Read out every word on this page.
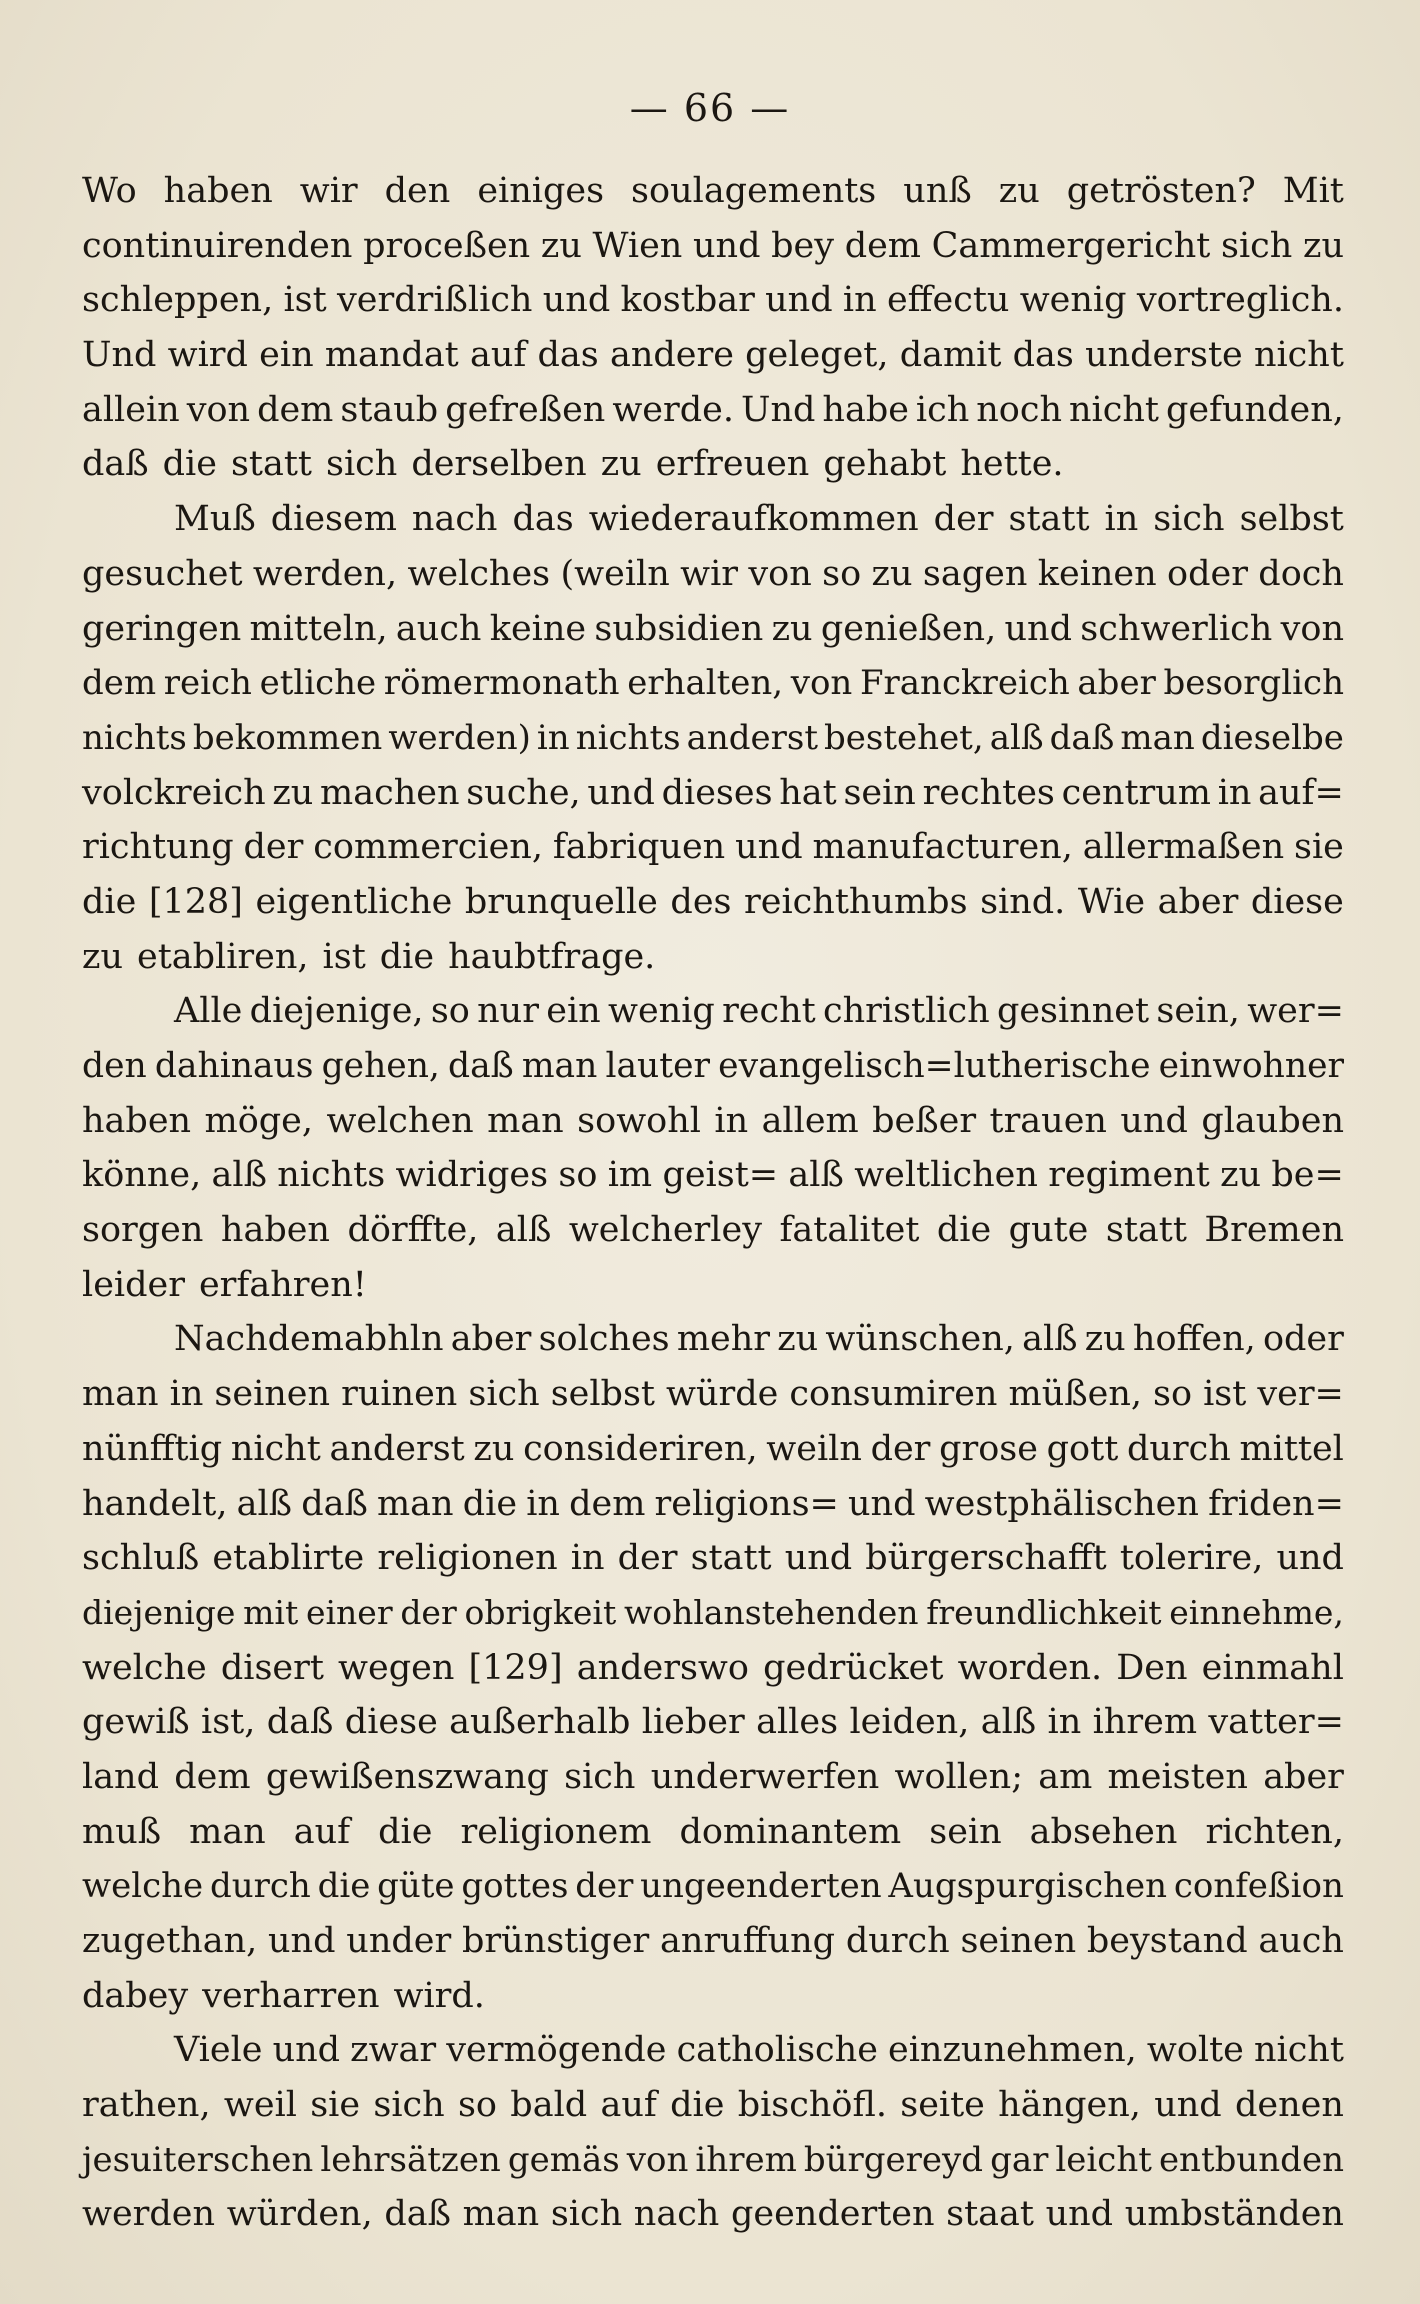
— 66 —
Wo haben wir den einiges soulagements unß zu getrösten? Mit
continuirenden proceßen zu Wien und bey dem Cammergericht sich zu
schleppen, ist verdrißlich und kostbar und in effectu wenig vortreglich.
Und wird ein mandat auf das andere geleget, damit das underste nicht
allein von dem staub gefreßen werde. Und habe ich noch nicht gefunden,
daß die statt sich derselben zu erfreuen gehabt hette.
Muß diesem nach das wiederaufkommen der statt in sich selbst
gesuchet werden, welches (weiln wir von so zu sagen keinen oder doch
geringen mitteln, auch keine subsidien zu genießen, und schwerlich von
dem reich etliche römermonath erhalten, von Franckreich aber besorglich
nichts bekommen werden) in nichts anderst bestehet, alß daß man dieselbe
volckreich zu machen suche, und dieses hat sein rechtes centrum in auf=
richtung der commercien, fabriquen und manufacturen, allermaßen sie
die [128] eigentliche brunquelle des reichthumbs sind. Wie aber diese
zu etabliren, ist die haubtfrage.
Alle diejenige, so nur ein wenig recht christlich gesinnet sein, wer=
den dahinaus gehen, daß man lauter evangelisch=lutherische einwohner
haben möge, welchen man sowohl in allem beßer trauen und glauben
könne, alß nichts widriges so im geist= alß weltlichen regiment zu be=
sorgen haben dörffte, alß welcherley fatalitet die gute statt Bremen
leider erfahren!
Nachdemabhln aber solches mehr zu wünschen, alß zu hoffen, oder
man in seinen ruinen sich selbst würde consumiren müßen, so ist ver=
nünfftig nicht anderst zu consideriren, weiln der grose gott durch mittel
handelt, alß daß man die in dem religions= und westphälischen friden=
schluß etablirte religionen in der statt und bürgerschafft tolerire, und
diejenige mit einer der obrigkeit wohlanstehenden freundlichkeit einnehme,
welche disert wegen [129] anderswo gedrücket worden. Den einmahl
gewiß ist, daß diese außerhalb lieber alles leiden, alß in ihrem vatter=
land dem gewißenszwang sich underwerfen wollen; am meisten aber
muß man auf die religionem dominantem sein absehen richten,
welche durch die güte gottes der ungeenderten Augspurgischen confeßion
zugethan, und under brünstiger anruffung durch seinen beystand auch
dabey verharren wird.
Viele und zwar vermögende catholische einzunehmen, wolte nicht
rathen, weil sie sich so bald auf die bischöfl. seite hängen, und denen
jesuiterschen lehrsätzen gemäs von ihrem bürgereyd gar leicht entbunden
werden würden, daß man sich nach geenderten staat und umbständen
